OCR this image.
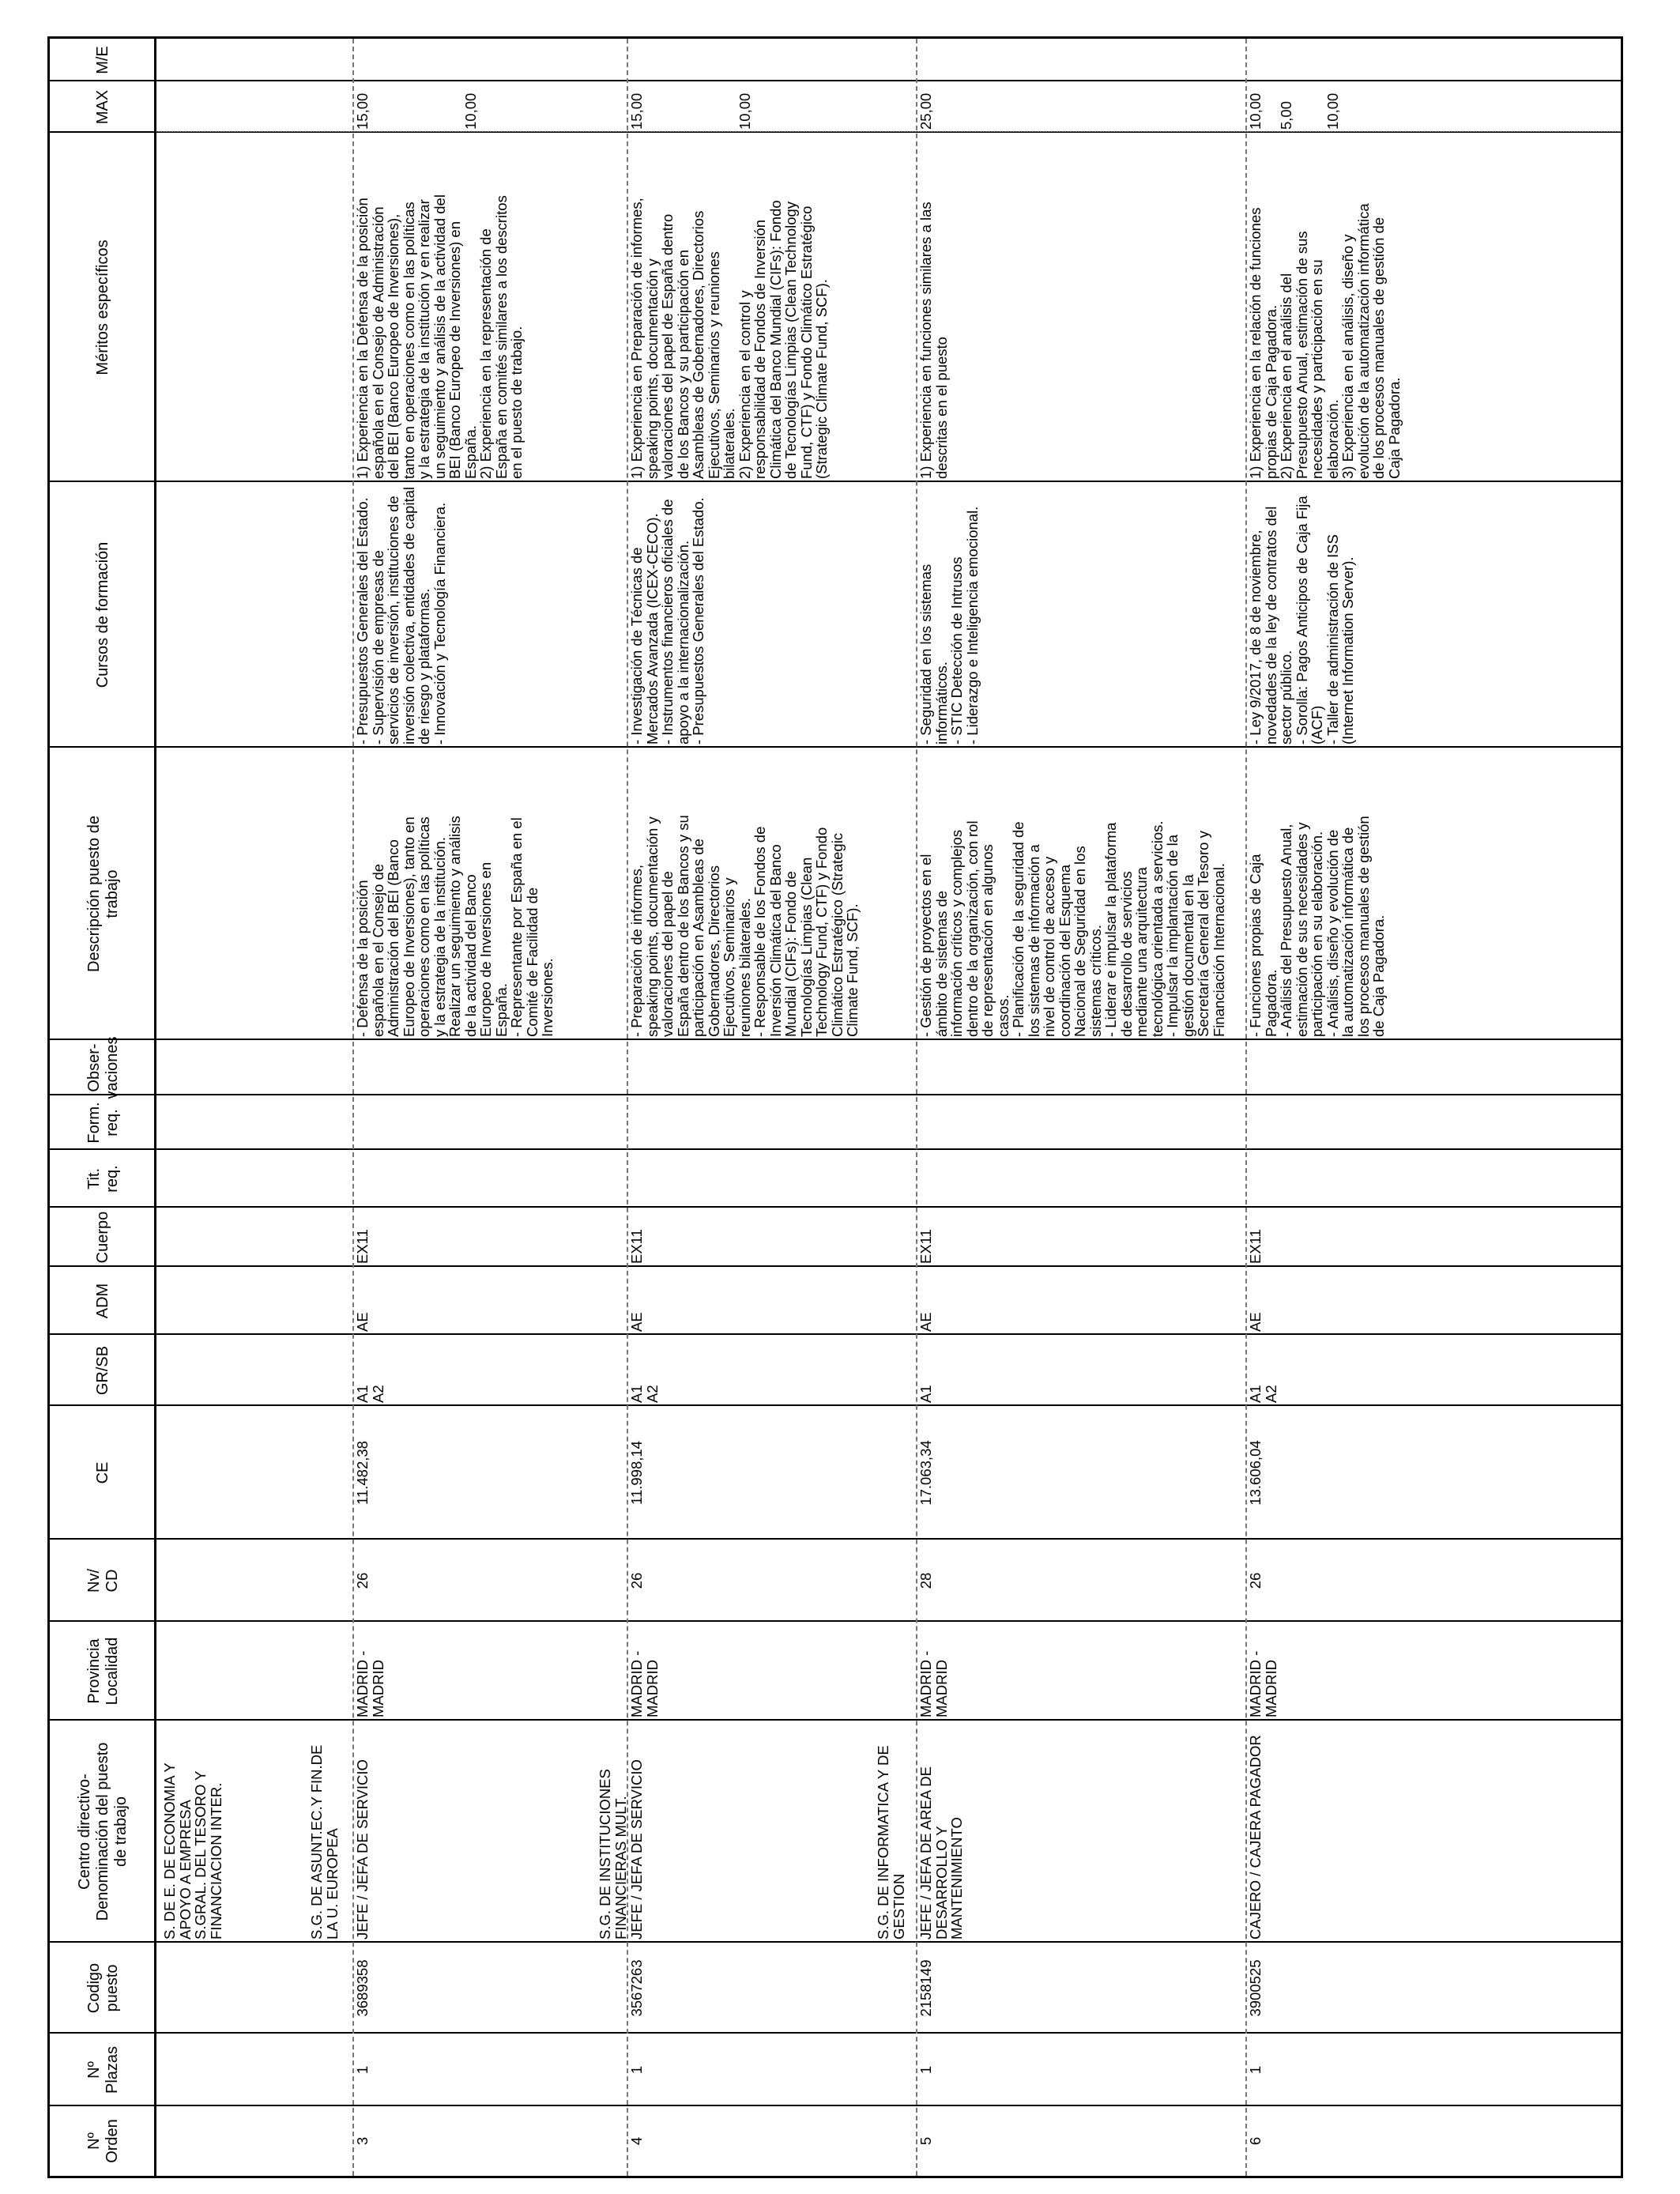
Nº
Orden
Nº
Plazas
Codigo
puesto
Centro directivo-
Denominación del puesto
de trabajo
Provincia
Localidad
Nv/
CD
CE
GR/SB
ADM
Cuerpo
Tit.
req.
Form.
req.
Obser-
vaciones
Descripción puesto de
trabajo
Cursos de formación
Méritos específicos
MAX
M/E
S. DE E. DE ECONOMIA Y
APOYO A EMPRESA
S.GRAL. DEL TESORO Y
FINANCIACION INTER.
S.G. DE ASUNT.EC.Y FIN.DE
LA U. EUROPEA
3
1
3689358
JEFE / JEFA DE SERVICIO
MADRID -
MADRID
26
11.482,38
A1
A2
AE
EX11
- Defensa de la posición
española en el Consejo de
Administración del BEI (Banco
Europeo de Inversiones), tanto en
operaciones como en las políticas
y la estrategia de la institución.
Realizar un seguimiento y análisis
de la actividad del Banco
Europeo de Inversiones en
España.
- Representante por España en el
Comité de Facilidad de
Inversiones.
- Presupuestos Generales del Estado.
- Supervisión de empresas de
servicios de inversión, instituciones de
inversión colectiva, entidades de capital
de riesgo y plataformas.
- Innovación y Tecnología Financiera.
1) Experiencia en la Defensa de la posición
española en el Consejo de Administración
del BEI (Banco Europeo de Inversiones),
tanto en operaciones como en las políticas
y la estrategia de la institución y en realizar
un seguimiento y análisis de la actividad del
BEI (Banco Europeo de Inversiones) en
España.
2) Experiencia en la representación de
España en comités similares a los descritos
en el puesto de trabajo.
15,00

10,00
S.G. DE INSTITUCIONES
FINANCIERAS MULT.
4
1
3567263
JEFE / JEFA DE SERVICIO
MADRID -
MADRID
26
11.998,14
A1
A2
AE
EX11
- Preparación de informes,
speaking points, documentación y
valoraciones del papel de
España dentro de los Bancos y su
participación en Asambleas de
Gobernadores, Directorios
Ejecutivos, Seminarios y
reuniones bilaterales.
- Responsable de los Fondos de
Inversión Climática del Banco
Mundial (CIFs): Fondo de
Tecnologías Limpias (Clean
Technology Fund, CTF) y Fondo
Climático Estratégico (Strategic
Climate Fund, SCF).
- Investigación de Técnicas de
Mercados Avanzada (ICEX-CECO).
- Instrumentos financieros oficiales de
apoyo a la internacionalización.
- Presupuestos Generales del Estado.
1) Experiencia en Preparación de informes,
speaking points, documentación y
valoraciones del papel de España dentro
de los Bancos y su participación en
Asambleas de Gobernadores, Directorios
Ejecutivos, Seminarios y reuniones
bilaterales.
2) Experiencia en el control y
responsabilidad de Fondos de Inversión
Climática del Banco Mundial (CIFs): Fondo
de Tecnologías Limpias (Clean Technology
Fund, CTF) y Fondo Climático Estratégico
(Strategic Climate Fund, SCF).
15,00

10,00
S.G. DE INFORMATICA Y DE
GESTION
5
1
2158149
JEFE / JEFA DE AREA DE
DESARROLLO Y
MANTENIMIENTO
MADRID -
MADRID
28
17.063,34
A1
AE
EX11
- Gestión de proyectos en el
ámbito de sistemas de
información críticos y complejos
dentro de la organización, con rol
de representación en algunos
casos.
- Planificación de la seguridad de
los sistemas de información a
nivel de control de acceso y
coordinación del Esquema
Nacional de Seguridad en los
sistemas críticos.
- Liderar e impulsar la plataforma
de desarrollo de servicios
mediante una arquitectura
tecnológica orientada a servicios.
- Impulsar la implantación de la
gestión documental en la
Secretaría General del Tesoro y
Financiación Internacional.
- Seguridad en los sistemas
informáticos.
- STIC Detección de Intrusos
- Liderazgo e Inteligencia emocional.
1) Experiencia en funciones similares a las
descritas en el puesto
25,00
6
1
3900525
CAJERO / CAJERA PAGADOR
MADRID -
MADRID
26
13.606,04
A1
A2
AE
EX11
- Funciones propias de Caja
Pagadora.
- Análisis del Presupuesto Anual,
estimación de sus necesidades y
participación en su elaboración.
- Análisis, diseño y evolución de
la automatización informática de
los procesos manuales de gestión
de Caja Pagadora.
- Ley 9/2017, de 8 de noviembre,
novedades de la ley de contratos del
sector público.
- Sorolla: Pagos Anticipos de Caja Fija
(ACF)
- Taller de administración de ISS
(Internet Information Server).
1) Experiencia en la relación de funciones
propias de Caja Pagadora.
2) Experiencia en el análisis del
Presupuesto Anual, estimación de sus
necesidades y participación en su
elaboración.
3) Experiencia en el análisis, diseño y
evolución de la automatización informática
de los procesos manuales de gestión de
Caja Pagadora.
10,00

5,00

10,00
